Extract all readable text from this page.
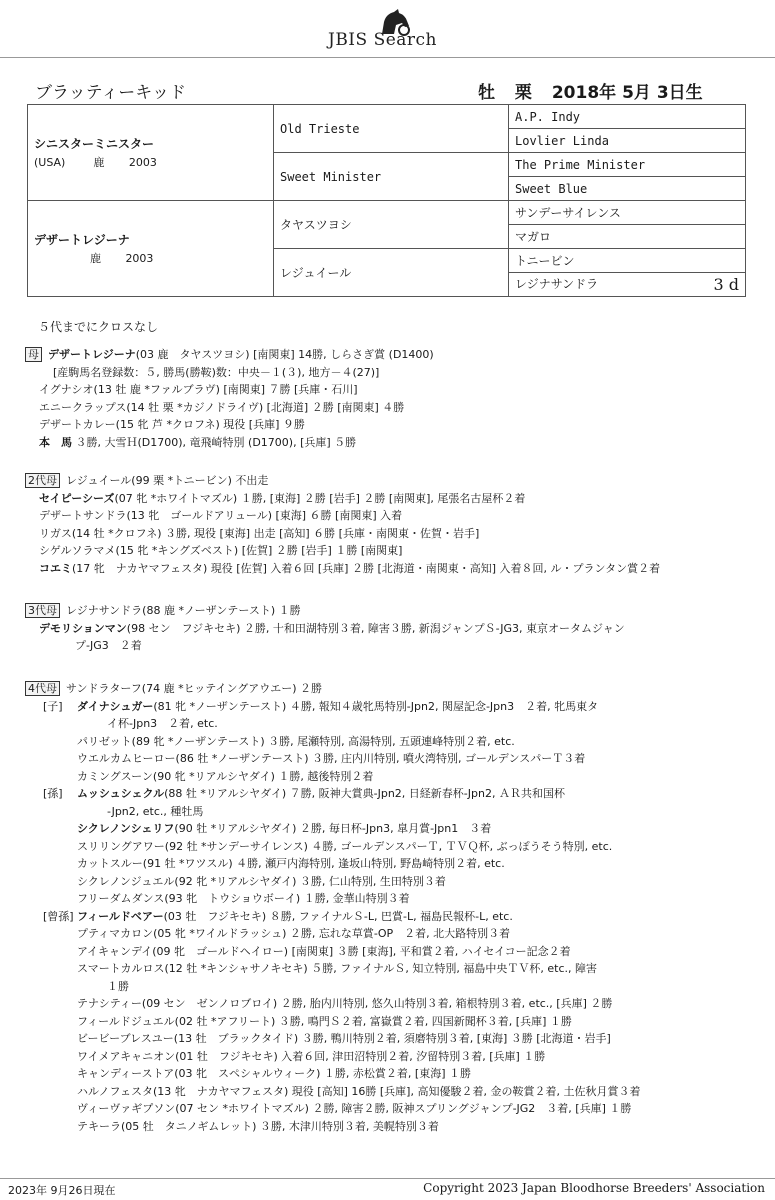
JBIS Search
ブラッティーキッド	牡 栗 2018年 5月 3日生
シニスターミニスター
(USA) 鹿 2003	Old Trieste	A.P. Indy
		Lovlier Linda
	Sweet Minister	The Prime Minister
		Sweet Blue

デザートレジーナ
鹿 2003	タヤスツヨシ	サンデーサイレンス
		マガロ
	レジュイール	トニービン
		レジナサンドラ 3 d
５代までにクロスなし
母 デザートレジーナ(03 鹿　タヤスツヨシ) [南関東] 14勝, しらさぎ賞 (D1400)
[産駒馬名登録数：５, 勝馬(勝鞍)数：中央－１(３), 地方－４(27)]
イグナシオ(13 牡 鹿 *ファルブラヴ) [南関東] ７勝 [兵庫・石川]
エニークラップス(14 牡 栗 *カジノドライヴ) [北海道] ２勝 [南関東] ４勝
デザートカレー(15 牝 芦 *クロフネ) 現役 [兵庫] ９勝
本　馬 ３勝, 大雪Ｈ(D1700), 竜飛崎特別 (D1700), [兵庫] ５勝
2代母 レジュイール(99 栗 *トニービン) 不出走
セイピーシーズ(07 牝 *ホワイトマズル) １勝, [東海] ２勝 [岩手] ２勝 [南関東], 尾張名古屋杯２着
デザートサンドラ(13 牝　ゴールドアリュール) [東海] ６勝 [南関東] 入着
リガス(14 牡 *クロフネ) ３勝, 現役 [東海] 出走 [高知] ６勝 [兵庫・南関東・佐賀・岩手]
シゲルソラマメ(15 牝 *キングズベスト) [佐賀] ２勝 [岩手] １勝 [南関東]
コエミ(17 牝　ナカヤマフェスタ) 現役 [佐賀] 入着６回 [兵庫] ２勝 [北海道・南関東・高知] 入着８回, ル・プランタン賞２着
3代母 レジナサンドラ(88 鹿 *ノーザンテースト) １勝
デモリションマン(98 セン　フジキセキ) ２勝, 十和田湖特別３着, 障害３勝, 新潟ジャンプＳ-JG3, 東京オータムジャン
プ-JG3　２着
4代母 サンドラターフ(74 鹿 *ヒッテイングアウエー) ２勝
[子] ダイナシュガー(81 牝 *ノーザンテースト) ４勝, 報知４歳牝馬特別-Jpn2, 関屋記念-Jpn3　２着, 牝馬東タ
イ杯-Jpn3　２着, etc.
パリゼット(89 牝 *ノーザンテースト) ３勝, 尾瀬特別, 高湯特別, 五頭連峰特別２着, etc.
ウエルカムヒーロー(86 牡 *ノーザンテースト) ３勝, 庄内川特別, 噴火湾特別, ゴールデンスパーＴ３着
カミングスーン(90 牝 *リアルシヤダイ) １勝, 越後特別２着
[孫] ムッシュシェクル(88 牡 *リアルシヤダイ) ７勝, 阪神大賞典-Jpn2, 日経新春杯-Jpn2, ＡＲ共和国杯
-Jpn2, etc., 種牡馬
シクレノンシェリフ(90 牡 *リアルシヤダイ) ２勝, 毎日杯-Jpn3, 皐月賞-Jpn1　３着
スリリングアワー(92 牡 *サンデーサイレンス) ４勝, ゴールデンスパーＴ, ＴＶＱ杯, ぶっぽうそう特別, etc.
カットスルー(91 牡 *ワツスル) ４勝, 瀬戸内海特別, 逢坂山特別, 野島崎特別２着, etc.
シクレノンジュエル(92 牝 *リアルシヤダイ) ３勝, 仁山特別, 生田特別３着
フリーダムダンス(93 牝　トウショウボーイ) １勝, 金華山特別３着
[曾孫] フィールドベアー(03 牡　フジキセキ) ８勝, ファイナルＳ-L, 巴賞-L, 福島民報杯-L, etc.
プティマカロン(05 牝 *ワイルドラッシュ) ２勝, 忘れな草賞-OP　２着, 北大路特別３着
アイキャンデイ(09 牝　ゴールドヘイロー) [南関東] ３勝 [東海], 平和賞２着, ハイセイコー記念２着
スマートカルロス(12 牡 *キンシャサノキセキ) ５勝, ファイナルＳ, 知立特別, 福島中央ＴＶ杯, etc., 障害
１勝
テナシティー(09 セン　ゼンノロブロイ) ２勝, 胎内川特別, 悠久山特別３着, 箱根特別３着, etc., [兵庫] ２勝
フィールドジュエル(02 牡 *アフリート) ３勝, 鳴門Ｓ２着, 富嶽賞２着, 四国新聞杯３着, [兵庫] １勝
ビービーブレスユー(13 牡　ブラックタイド) ３勝, 鴨川特別２着, 須磨特別３着, [東海] ３勝 [北海道・岩手]
ワイメアキャニオン(01 牡　フジキセキ) 入着６回, 津田沼特別２着, 汐留特別３着, [兵庫] １勝
キャンディーストア(03 牝　スペシャルウィーク) １勝, 赤松賞２着, [東海] １勝
ハルノフェスタ(13 牝　ナカヤマフェスタ) 現役 [高知] 16勝 [兵庫], 高知優駿２着, 金の鞍賞２着, 土佐秋月賞３着
ヴィーヴァギプソン(07 セン *ホワイトマズル) ２勝, 障害２勝, 阪神スプリングジャンプ-JG2　３着, [兵庫] １勝
テキーラ(05 牡　タニノギムレット) ３勝, 木津川特別３着, 美幌特別３着
2023年 9月26日現在	Copyright 2023 Japan Bloodhorse Breeders' Association
